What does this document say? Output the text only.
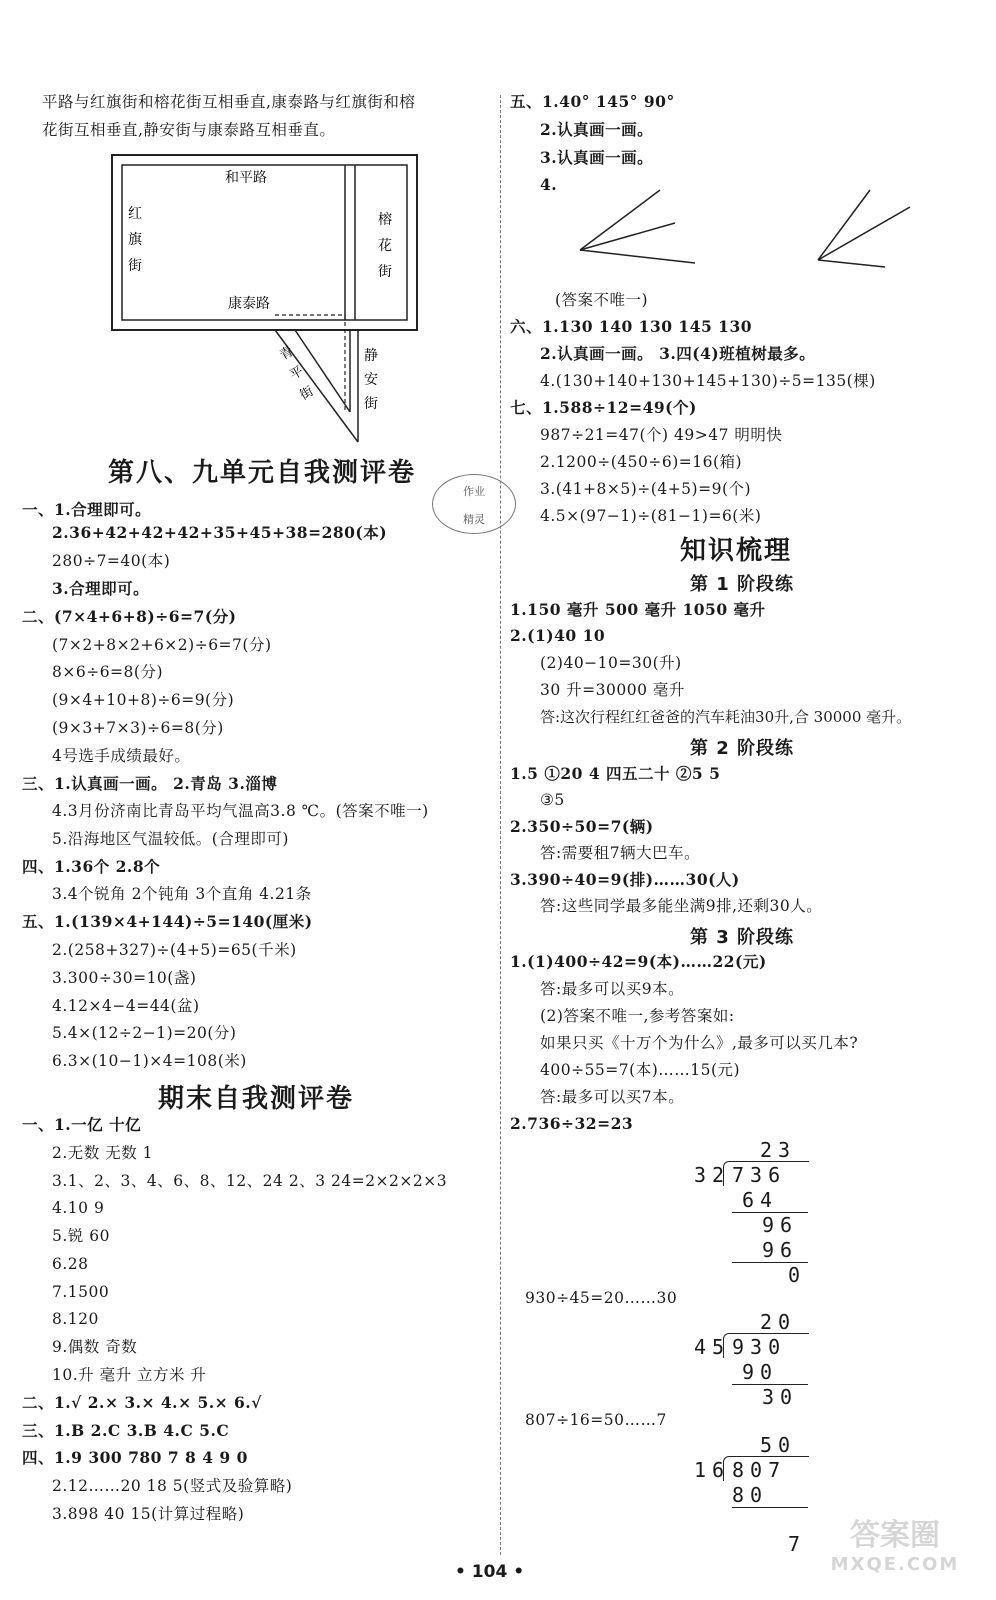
平路与红旗街和榕花街互相垂直,康泰路与红旗街和榕
花街互相垂直,静安街与康泰路互相垂直。
和平路
红
旗
街
榕
花
街
康泰路
青
平
街
静
安
街
第八、九单元自我测评卷
作业
精灵
一、1.合理即可。
2.36+42+42+42+35+45+38=280(本)
280÷7=40(本)
3.合理即可。
二、(7×4+6+8)÷6=7(分)
(7×2+8×2+6×2)÷6=7(分)
8×6÷6=8(分)
(9×4+10+8)÷6=9(分)
(9×3+7×3)÷6=8(分)
4号选手成绩最好。
三、1.认真画一画。 2.青岛 3.淄博
4.3月份济南比青岛平均气温高3.8 ℃。(答案不唯一)
5.沿海地区气温较低。(合理即可)
四、1.36个 2.8个
3.4个锐角 2个钝角 3个直角 4.21条
五、1.(139×4+144)÷5=140(厘米)
2.(258+327)÷(4+5)=65(千米)
3.300÷30=10(盏)
4.12×4−4=44(盆)
5.4×(12÷2−1)=20(分)
6.3×(10−1)×4=108(米)
期末自我测评卷
一、1.一亿 十亿
2.无数 无数 1
3.1、2、3、4、6、8、12、24 2、3 24=2×2×2×3
4.10 9
5.锐 60
6.28
7.1500
8.120
9.偶数 奇数
10.升 毫升 立方米 升
二、1.√ 2.× 3.× 4.× 5.× 6.√
三、1.B 2.C 3.B 4.C 5.C
四、1.9 300 780 7 8 4 9 0
2.12……20 18 5(竖式及验算略)
3.898 40 15(计算过程略)
五、1.40° 145° 90°
2.认真画一画。
3.认真画一画。
4.
(答案不唯一)
六、1.130 140 130 145 130
2.认真画一画。 3.四(4)班植树最多。
4.(130+140+130+145+130)÷5=135(棵)
七、1.588÷12=49(个)
987÷21=47(个) 49>47 明明快
2.1200÷(450÷6)=16(箱)
3.(41+8×5)÷(4+5)=9(个)
4.5×(97−1)÷(81−1)=6(米)
知识梳理
第 1 阶段练
1.150 毫升 500 毫升 1050 毫升
2.(1)40 10
(2)40−10=30(升)
30 升=30000 毫升
答:这次行程红红爸爸的汽车耗油30升,合 30000 毫升。
第 2 阶段练
1.5 ①20 4 四五二十 ②5 5
③5
2.350÷50=7(辆)
答:需要租7辆大巴车。
3.390÷40=9(排)……30(人)
答:这些同学最多能坐满9排,还剩30人。
第 3 阶段练
1.(1)400÷42=9(本)……22(元)
答:最多可以买9本。
(2)答案不唯一,参考答案如:
如果只买《十万个为什么》,最多可以买几本?
400÷55=7(本)……15(元)
答:最多可以买7本。
2.736÷32=23
23
32 736
64
96
96
0
930÷45=20……30
20
45 930
90
30
807÷16=50……7
50
16 807
80
7	答案圈
MXQE.COM
• 104 •
